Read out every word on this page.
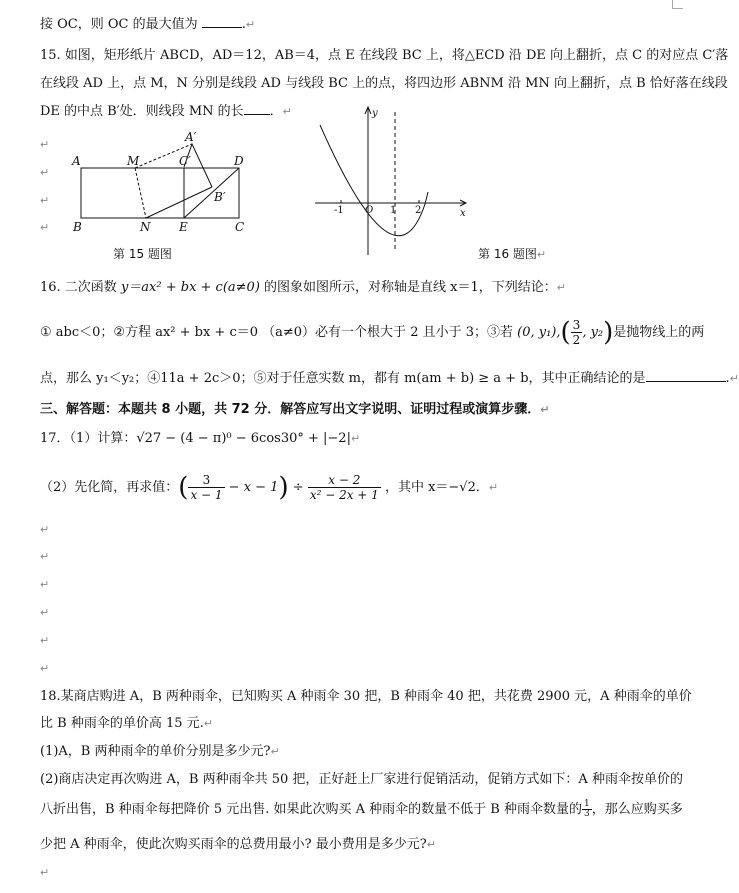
接 OC，则 OC 的最大值为	.↵
15. 如图，矩形纸片 ABCD，AD＝12，AB＝4，点 E 在线段 BC 上，将△ECD 沿 DE 向上翻折，点 C 的对应点 C′落
在线段 AD 上，点 M，N 分别是线段 AD 与线段 BC 上的点，将四边形 ABNM 沿 MN 向上翻折，点 B 恰好落在线段
DE 的中点 B′处．则线段 MN 的长 ．↵
↵
↵
↵
↵
A	M	C′	D
A′
B′
B	N E	C
第 15 题图
y
x
O
-1	1 2
第 16 题图↵
16. 二次函数 y＝ax² + bx + c(a≠0) 的图象如图所示，对称轴是直线 x＝1，下列结论：↵
① abc＜0；②方程 ax² + bx + c＝0 （a≠0）必有一个根大于 2 且小于 3；③若 (0, $y_1),( \frac{3}{2}$ , y₂)是抛物线上的两
点，那么 y₁＜y₂；④11a + 2c＞0；⑤对于任意实数 m，都有 m(am + b) ≥ a + b，其中正确结论的是	.↵
三、解答题：本题共 8 小题，共 72 分．解答应写出文字说明、证明过程或演算步骤．↵
17．（1）计算：√27 − (4 − π)⁰ − 6cos30° + |−2|↵
（2）先化简，再求值：( $\frac{3}{x - 1} - x - 1) \div \frac{x - 2}{\text{x² − 2x + 1}}$ ，其中 x＝−√2．↵
↵
↵
↵
↵
↵
↵
18.某商店购进 A，B 两种雨伞，已知购买 A 种雨伞 30 把，B 种雨伞 40 把，共花费 2900 元，A 种雨伞的单价
比 B 种雨伞的单价高 15 元.↵
(1)A，B 两种雨伞的单价分别是多少元?↵
(2)商店决定再次购进 A，B 两种雨伞共 50 把，正好赶上厂家进行促销活动，促销方式如下：A 种雨伞按单价的
八折出售，B 种雨伞每把降价 5 元出售. 如果此次购买 A 种雨伞的数量不低于 B 种雨伞数量的 $\frac{1}{3}$ ，那么应购买多
少把 A 种雨伞，使此次购买雨伞的总费用最小? 最小费用是多少元?↵
↵
